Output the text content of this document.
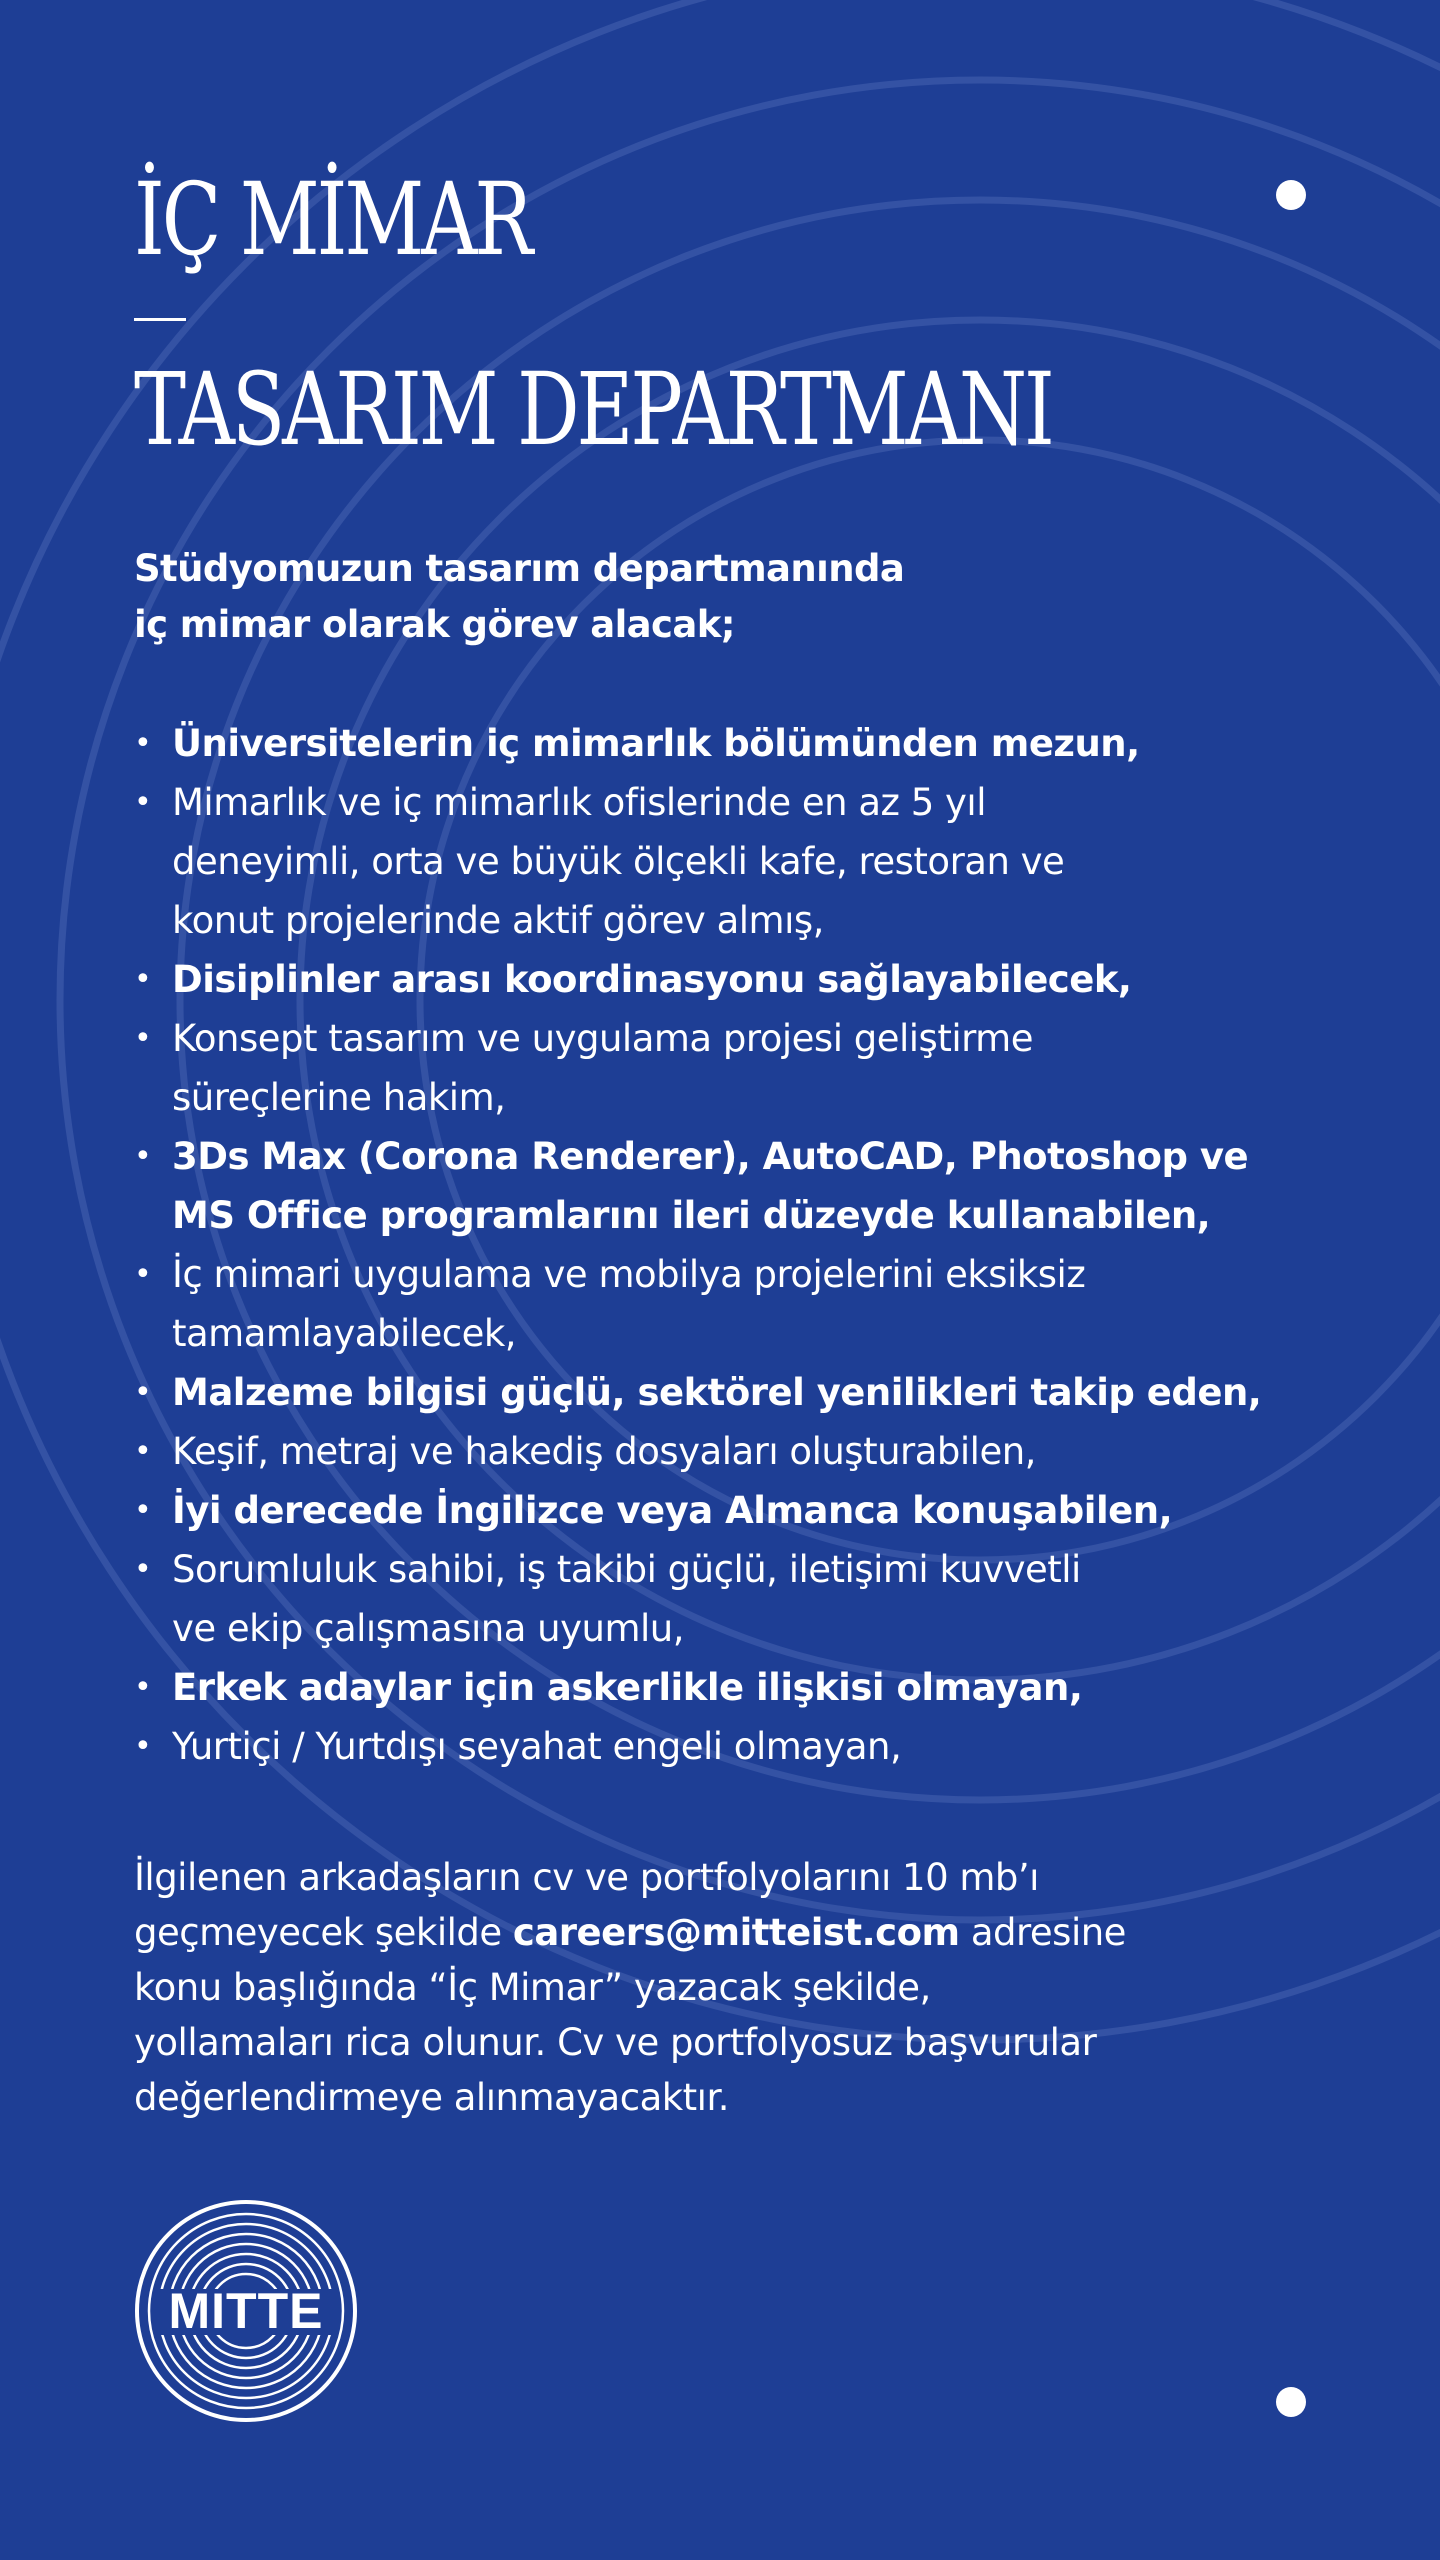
İÇ MİMAR
TASARIM DEPARTMANI
Stüdyomuzun tasarım departmanında
iç mimar olarak görev alacak;
• Üniversitelerin iç mimarlık bölümünden mezun,
• Mimarlık ve iç mimarlık ofislerinde en az 5 yıl
deneyimli, orta ve büyük ölçekli kafe, restoran ve
konut projelerinde aktif görev almış,
• Disiplinler arası koordinasyonu sağlayabilecek,
• Konsept tasarım ve uygulama projesi geliştirme
süreçlerine hakim,
• 3Ds Max (Corona Renderer), AutoCAD, Photoshop ve
MS Office programlarını ileri düzeyde kullanabilen,
• İç mimari uygulama ve mobilya projelerini eksiksiz
tamamlayabilecek,
• Malzeme bilgisi güçlü, sektörel yenilikleri takip eden,
• Keşif, metraj ve hakediş dosyaları oluşturabilen,
• İyi derecede İngilizce veya Almanca konuşabilen,
• Sorumluluk sahibi, iş takibi güçlü, iletişimi kuvvetli
ve ekip çalışmasına uyumlu,
• Erkek adaylar için askerlikle ilişkisi olmayan,
• Yurtiçi / Yurtdışı seyahat engeli olmayan,
İlgilenen arkadaşların cv ve portfolyolarını 10 mb’ı
geçmeyecek şekilde careers@mitteist.com adresine
konu başlığında “İç Mimar” yazacak şekilde,
yollamaları rica olunur. Cv ve portfolyosuz başvurular
değerlendirmeye alınmayacaktır.
MITTE
